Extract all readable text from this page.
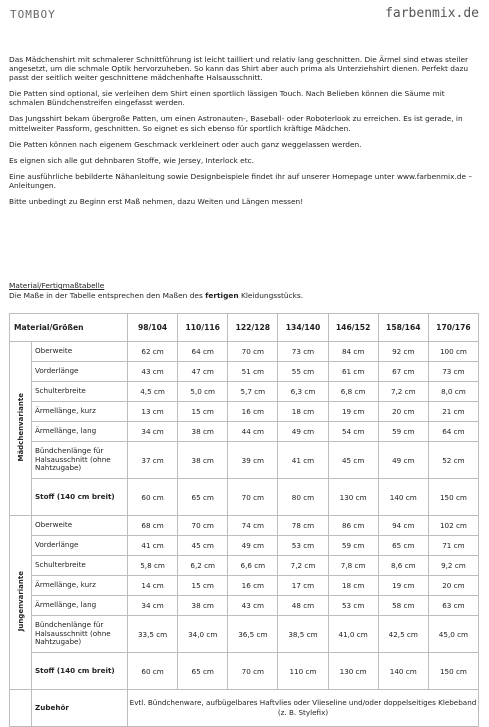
TOMBOY	farbenmix.de

Das Mädchenshirt mit schmalerer Schnittführung ist leicht tailliert und relativ lang geschnitten. Die Ärmel sind etwas steiler angesetzt, um die schmale Optik hervorzuheben. So kann das Shirt aber auch prima als Unterziehshirt dienen. Perfekt dazu passt der seitlich weiter geschnittene mädchenhafte Halsausschnitt.

Die Patten sind optional, sie verleihen dem Shirt einen sportlich lässigen Touch. Nach Belieben können die Säume mit schmalen Bündchenstreifen eingefasst werden.

Das Jungsshirt bekam übergroße Patten, um einen Astronauten-, Baseball- oder Roboterlook zu erreichen. Es ist gerade, in mittelweiter Passform, geschnitten. So eignet es sich ebenso für sportlich kräftige Mädchen.

Die Patten können nach eigenem Geschmack verkleinert oder auch ganz weggelassen werden.

Es eignen sich alle gut dehnbaren Stoffe, wie Jersey, Interlock etc.

Eine ausführliche bebilderte Nähanleitung sowie Designbeispiele findet ihr auf unserer Homepage unter www.farbenmix.de – Anleitungen.

Bitte unbedingt zu Beginn erst Maß nehmen, dazu Weiten und Längen messen!

Material/Fertigmaßtabelle
Die Maße in der Tabelle entsprechen den Maßen des fertigen Kleidungsstücks.
Material/Größen		98/104	110/116	122/128	134/140	146/152	158/164	170/176
Mädchenvariante	Oberweite	62 cm	64 cm	70 cm	73 cm	84 cm	92 cm	100 cm
	Vorderlänge	43 cm	47 cm	51 cm	55 cm	61 cm	67 cm	73 cm
	Schulterbreite	4,5 cm	5,0 cm	5,7 cm	6,3 cm	6,8 cm	7,2 cm	8,0 cm
	Ärmellänge, kurz	13 cm	15 cm	16 cm	18 cm	19 cm	20 cm	21 cm
	Ärmellänge, lang	34 cm	38 cm	44 cm	49 cm	54 cm	59 cm	64 cm
	Bündchenlänge für Halsausschnitt (ohne Nahtzugabe)	37 cm	38 cm	39 cm	41 cm	45 cm	49 cm	52 cm
	Stoff (140 cm breit)	60 cm	65 cm	70 cm	80 cm	130 cm	140 cm	150 cm
Jungenvariante	Oberweite	68 cm	70 cm	74 cm	78 cm	86 cm	94 cm	102 cm
	Vorderlänge	41 cm	45 cm	49 cm	53 cm	59 cm	65 cm	71 cm
	Schulterbreite	5,8 cm	6,2 cm	6,6 cm	7,2 cm	7,8 cm	8,6 cm	9,2 cm
	Ärmellänge, kurz	14 cm	15 cm	16 cm	17 cm	18 cm	19 cm	20 cm
	Ärmellänge, lang	34 cm	38 cm	43 cm	48 cm	53 cm	58 cm	63 cm
	Bündchenlänge für Halsausschnitt (ohne Nahtzugabe)	33,5 cm	34,0 cm	36,5 cm	38,5 cm	41,0 cm	42,5 cm	45,0 cm
	Stoff (140 cm breit)	60 cm	65 cm	70 cm	110 cm	130 cm	140 cm	150 cm
	Zubehör	Evtl. Bündchenware, aufbügelbares Haftvlies oder Vlieseline und/oder doppelseitiges Klebeband (z. B. Stylefix)						
